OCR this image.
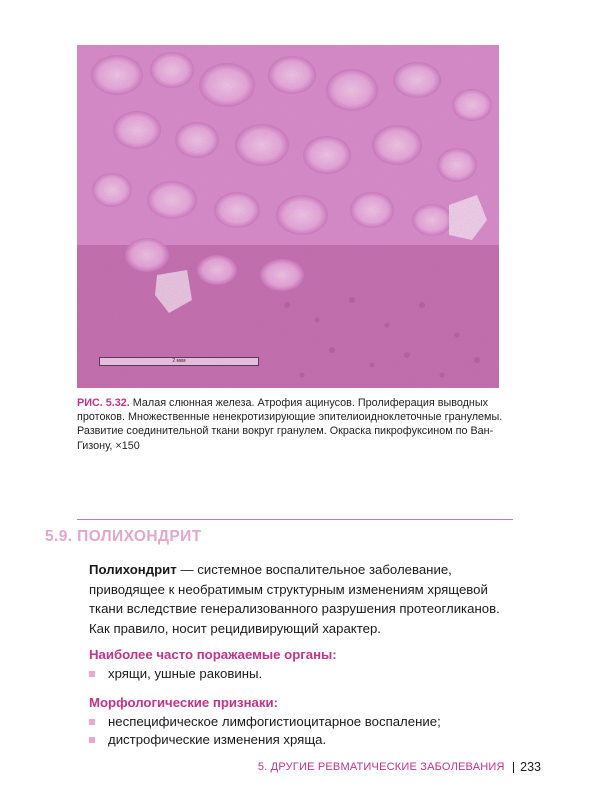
2 мкм

РИС. 5.32. Малая слюнная железа. Атрофия ацинусов. Пролиферация выводных протоков. Множественные ненекротизирующие эпителиоидноклеточные гранулемы. Развитие соединительной ткани вокруг гранулем. Окраска пикрофуксином по Ван-Гизону, ×150

5.9. ПОЛИХОНДРИТ

Полихондрит — системное воспалительное заболевание, приводящее к необратимым структурным изменениям хрящевой ткани вследствие генерализованного разрушения протеогликанов. Как правило, носит рецидивирующий характер.

Наиболее часто поражаемые органы:
хрящи, ушные раковины.
Морфологические признаки:
неспецифическое лимфогистиоцитарное воспаление;
дистрофические изменения хряща.
5. ДРУГИЕ РЕВМАТИЧЕСКИЕ ЗАБОЛЕВАНИЯ 233
